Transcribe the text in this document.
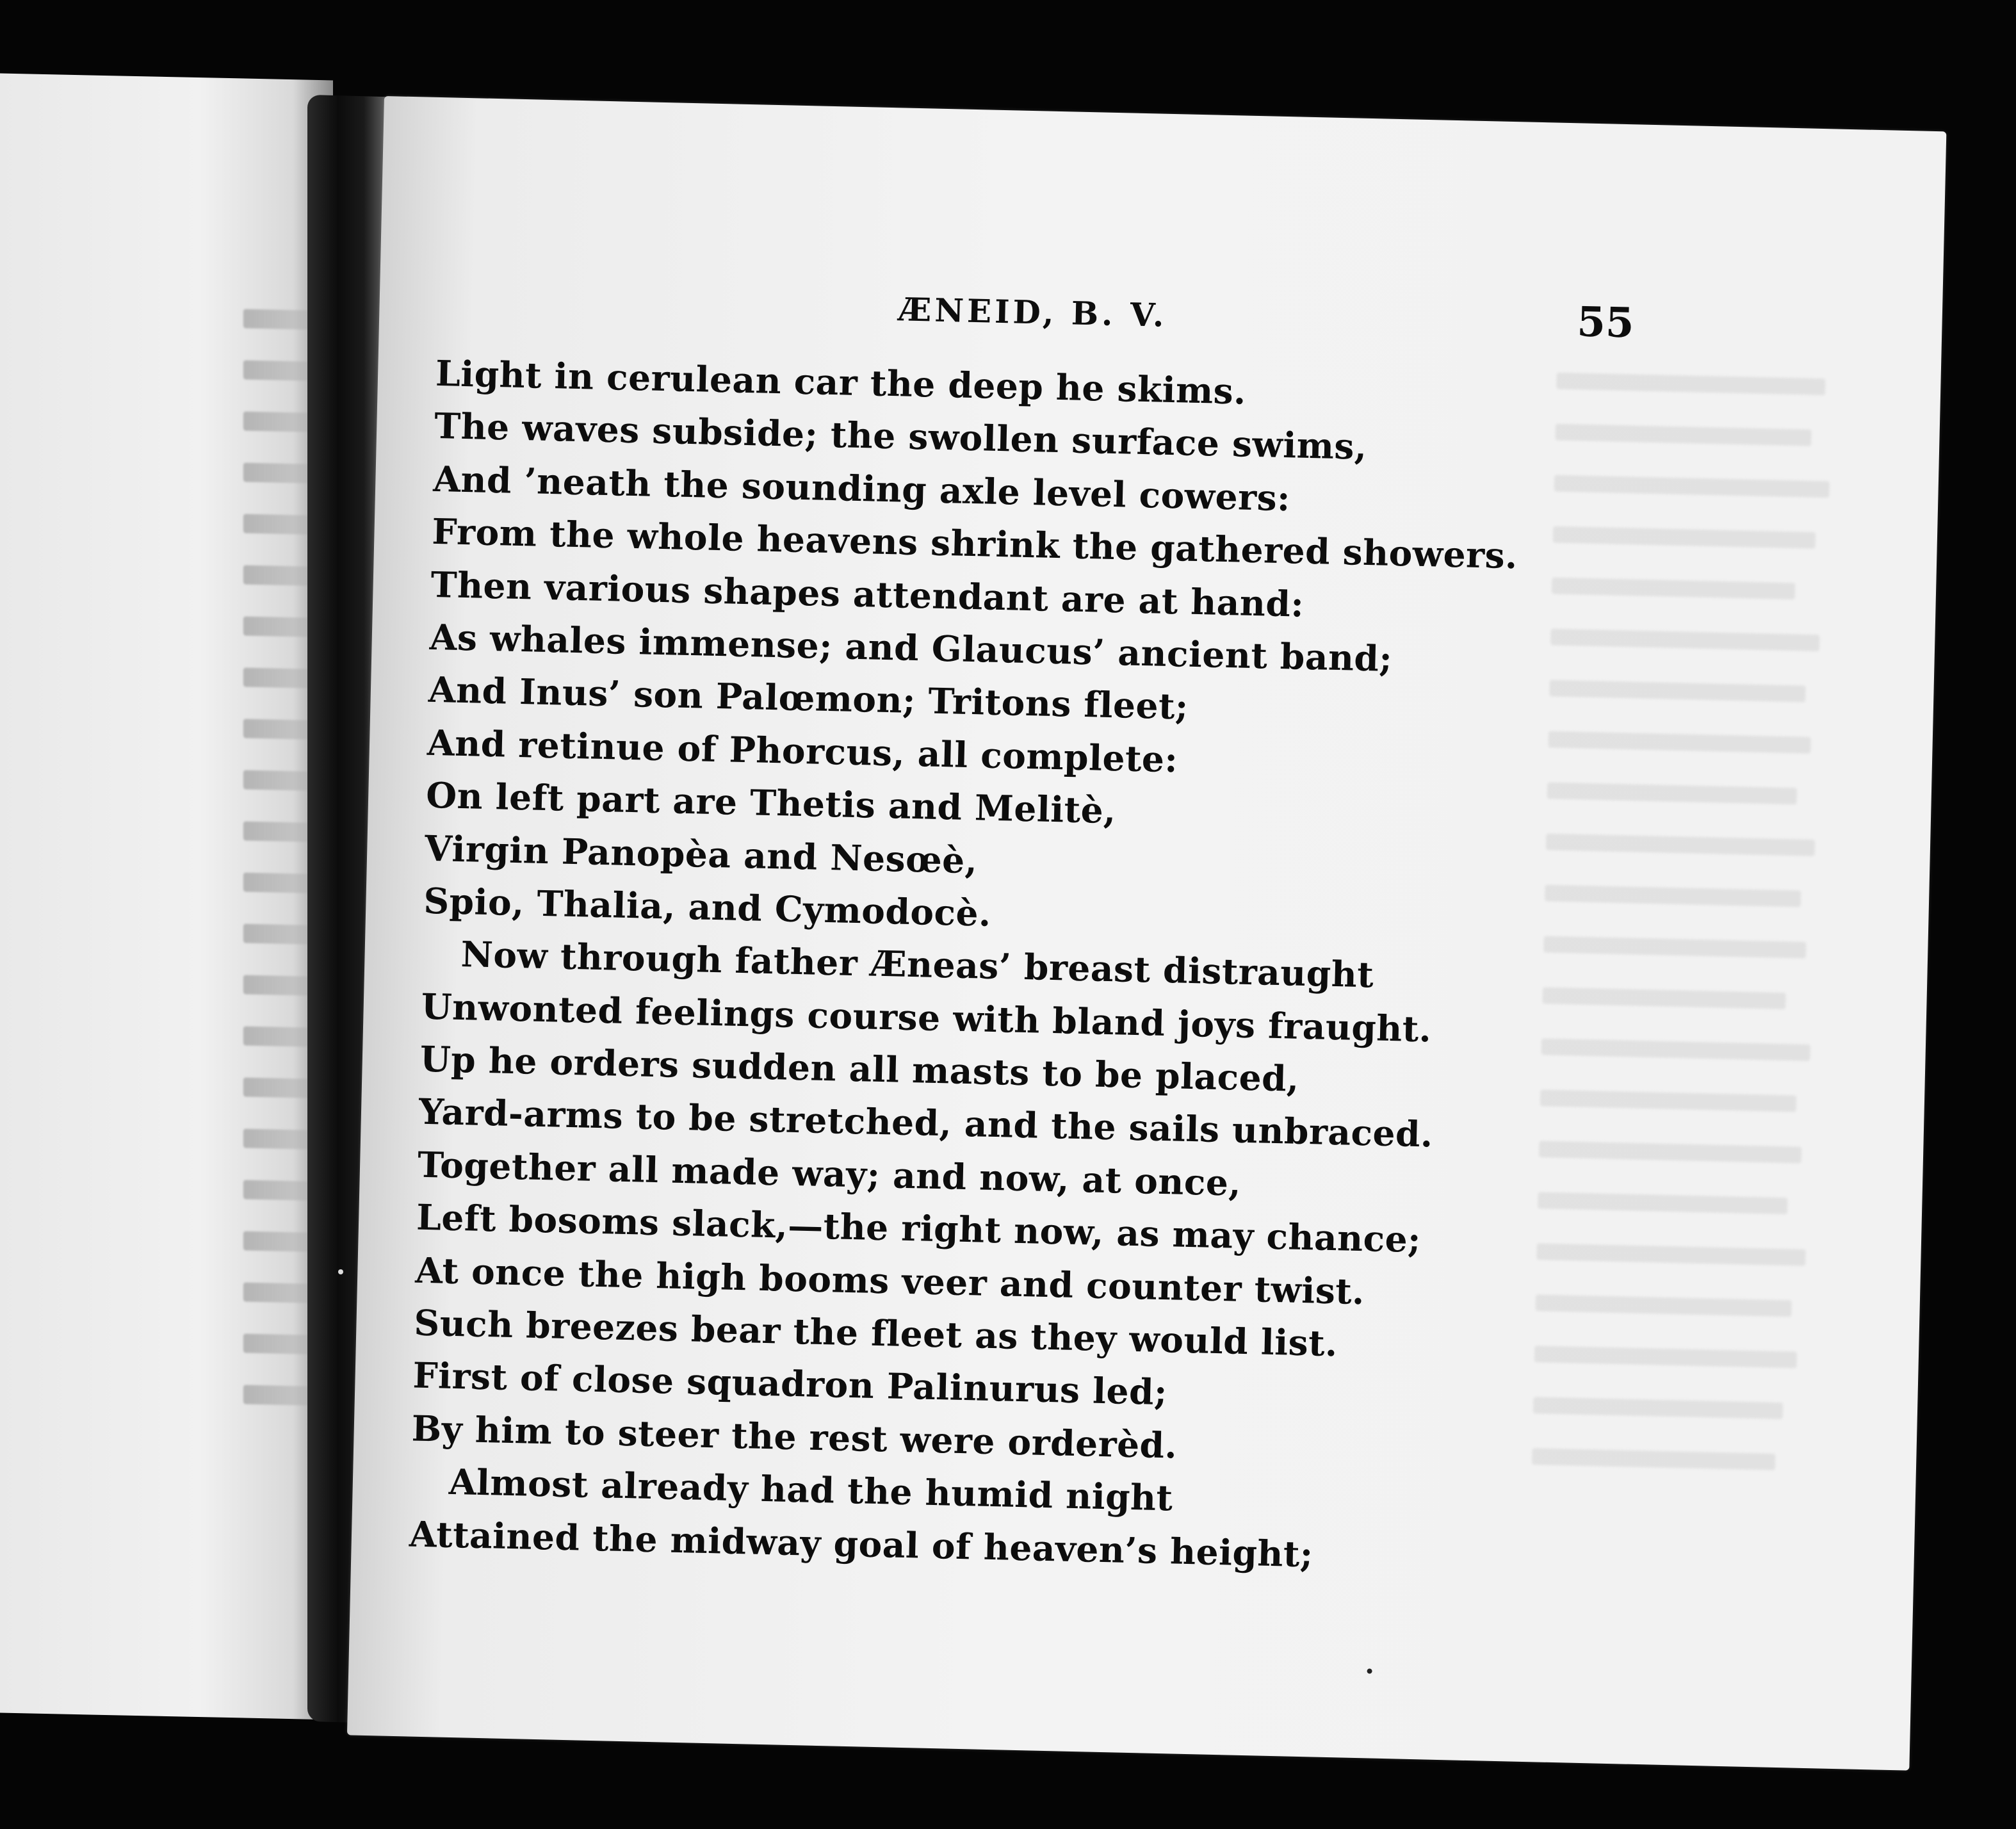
ÆNEID, B. V.	55
Light in cerulean car the deep he skims.
The waves subside; the swollen surface swims,
And ’neath the sounding axle level cowers:
From the whole heavens shrink the gathered showers.
Then various shapes attendant are at hand:
As whales immense; and Glaucus’ ancient band;
And Inus’ son Palœmon; Tritons fleet;
And retinue of Phorcus, all complete:
On left part are Thetis and Melitè,
Virgin Panopèa and Nesœè,
Spio, Thalia, and Cymodocè.
Now through father Æneas’ breast distraught
Unwonted feelings course with bland joys fraught.
Up he orders sudden all masts to be placed,
Yard-arms to be stretched, and the sails unbraced.
Together all made way; and now, at once,
Left bosoms slack,—the right now, as may chance;
At once the high booms veer and counter twist.
Such breezes bear the fleet as they would list.
First of close squadron Palinurus led;
By him to steer the rest were orderèd.
Almost already had the humid night
Attained the midway goal of heaven’s height;
